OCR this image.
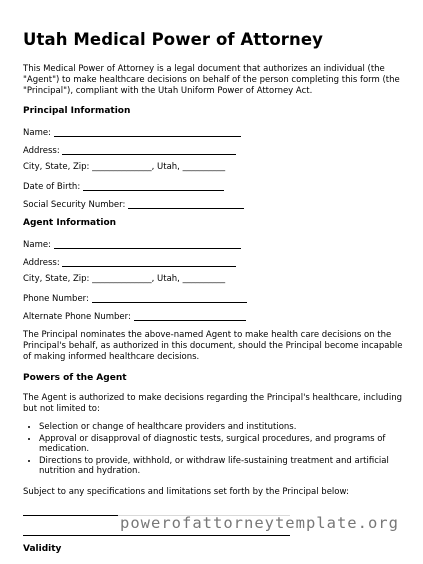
Utah Medical Power of Attorney

This Medical Power of Attorney is a legal document that authorizes an individual (the "Agent") to make healthcare decisions on behalf of the person completing this form (the "Principal"), compliant with the Utah Uniform Power of Attorney Act.

Principal Information
Name:
Address:
City, State, Zip: ______________, Utah, __________
Date of Birth:
Social Security Number:
Agent Information
Name:
Address:
City, State, Zip: ______________, Utah, __________
Phone Number:
Alternate Phone Number:

The Principal nominates the above-named Agent to make health care decisions on the Principal's behalf, as authorized in this document, should the Principal become incapable of making informed healthcare decisions.

Powers of the Agent

The Agent is authorized to make decisions regarding the Principal's healthcare, including but not limited to:

• Selection or change of healthcare providers and institutions.
• Approval or disapproval of diagnostic tests, surgical procedures, and programs of medication.
• Directions to provide, withhold, or withdraw life-sustaining treatment and artificial nutrition and hydration.

Subject to any specifications and limitations set forth by the Principal below:

Validity
powerofattorneytemplate.org
